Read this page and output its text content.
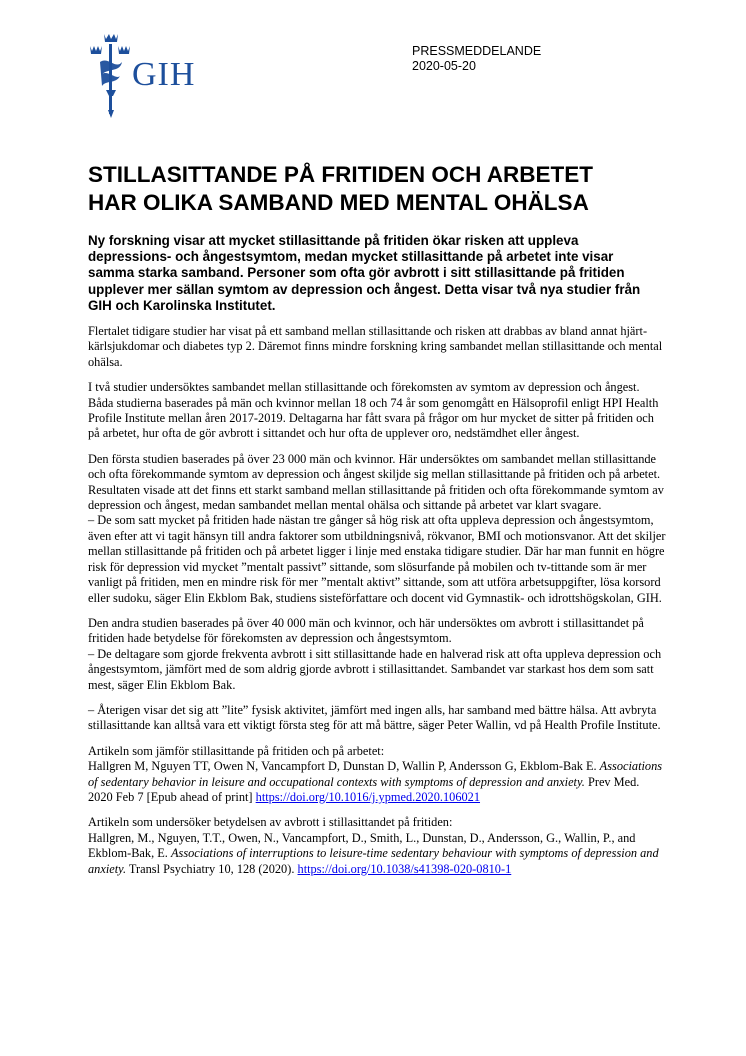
GIH
PRESSMEDDELANDE
2020-05-20
STILLASITTANDE PÅ FRITIDEN OCH ARBETET
HAR OLIKA SAMBAND MED MENTAL OHÄLSA

Ny forskning visar att mycket stillasittande på fritiden ökar risken att uppleva depressions- och ångestsymtom, medan mycket stillasittande på arbetet inte visar samma starka samband. Personer som ofta gör avbrott i sitt stillasittande på fritiden upplever mer sällan symtom av depression och ångest. Detta visar två nya studier från GIH och Karolinska Institutet.

Flertalet tidigare studier har visat på ett samband mellan stillasittande och risken att drabbas av bland annat hjärt-kärlsjukdomar och diabetes typ 2. Däremot finns mindre forskning kring sambandet mellan stillasittande och mental ohälsa.

I två studier undersöktes sambandet mellan stillasittande och förekomsten av symtom av depression och ångest. Båda studierna baserades på män och kvinnor mellan 18 och 74 år som genomgått en Hälsoprofil enligt HPI Health Profile Institute mellan åren 2017-2019. Deltagarna har fått svara på frågor om hur mycket de sitter på fritiden och på arbetet, hur ofta de gör avbrott i sittandet och hur ofta de upplever oro, nedstämdhet eller ångest.

Den första studien baserades på över 23 000 män och kvinnor. Här undersöktes om sambandet mellan stillasittande och ofta förekommande symtom av depression och ångest skiljde sig mellan stillasittande på fritiden och på arbetet. Resultaten visade att det finns ett starkt samband mellan stillasittande på fritiden och ofta förekommande symtom av depression och ångest, medan sambandet mellan mental ohälsa och sittande på arbetet var klart svagare.

– De som satt mycket på fritiden hade nästan tre gånger så hög risk att ofta uppleva depression och ångestsymtom, även efter att vi tagit hänsyn till andra faktorer som utbildningsnivå, rökvanor, BMI och motionsvanor. Att det skiljer mellan stillasittande på fritiden och på arbetet ligger i linje med enstaka tidigare studier. Där har man funnit en högre risk för depression vid mycket ”mentalt passivt” sittande, som slösurfande på mobilen och tv-tittande som är mer vanligt på fritiden, men en mindre risk för mer ”mentalt aktivt” sittande, som att utföra arbetsuppgifter, lösa korsord eller sudoku, säger Elin Ekblom Bak, studiens sisteförfattare och docent vid Gymnastik- och idrottshögskolan, GIH.

Den andra studien baserades på över 40 000 män och kvinnor, och här undersöktes om avbrott i stillasittandet på fritiden hade betydelse för förekomsten av depression och ångestsymtom.

– De deltagare som gjorde frekventa avbrott i sitt stillasittande hade en halverad risk att ofta uppleva depression och ångestsymtom, jämfört med de som aldrig gjorde avbrott i stillasittandet. Sambandet var starkast hos dem som satt mest, säger Elin Ekblom Bak.

– Återigen visar det sig att ”lite” fysisk aktivitet, jämfört med ingen alls, har samband med bättre hälsa. Att avbryta stillasittande kan alltså vara ett viktigt första steg för att må bättre, säger Peter Wallin, vd på Health Profile Institute.

Artikeln som jämför stillasittande på fritiden och på arbetet:
Hallgren M, Nguyen TT, Owen N, Vancampfort D, Dunstan D, Wallin P, Andersson G, Ekblom-Bak E. Associations of sedentary behavior in leisure and occupational contexts with symptoms of depression and anxiety. Prev Med. 2020 Feb 7 [Epub ahead of print] https://doi.org/10.1016/j.ypmed.2020.106021
Artikeln som undersöker betydelsen av avbrott i stillasittandet på fritiden:
Hallgren, M., Nguyen, T.T., Owen, N., Vancampfort, D., Smith, L., Dunstan, D., Andersson, G., Wallin, P., and Ekblom-Bak, E. Associations of interruptions to leisure-time sedentary behaviour with symptoms of depression and anxiety. Transl Psychiatry 10, 128 (2020). https://doi.org/10.1038/s41398-020-0810-1
